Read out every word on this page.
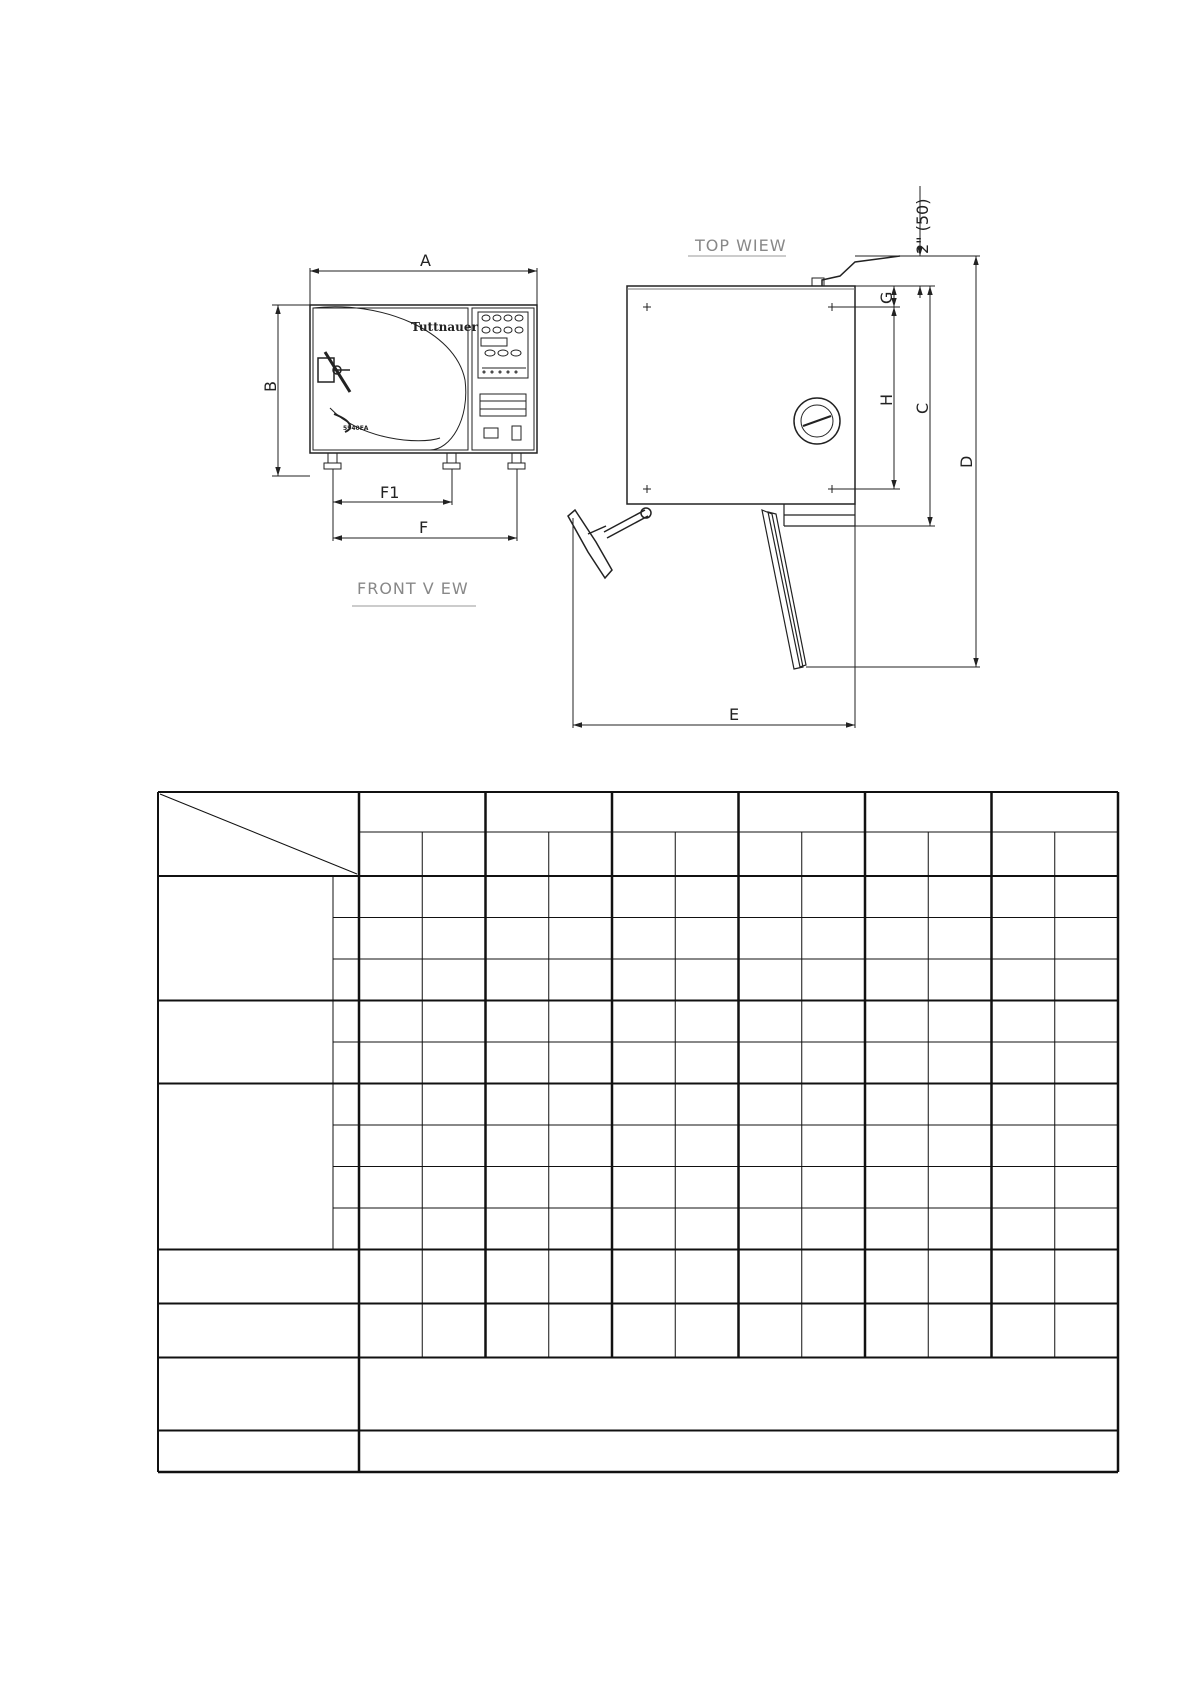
FRONT V EW
Tuttnauer
5540EA
A
B
F1
F
TOP WIEW	2" (50)
G
H
C
D
E
